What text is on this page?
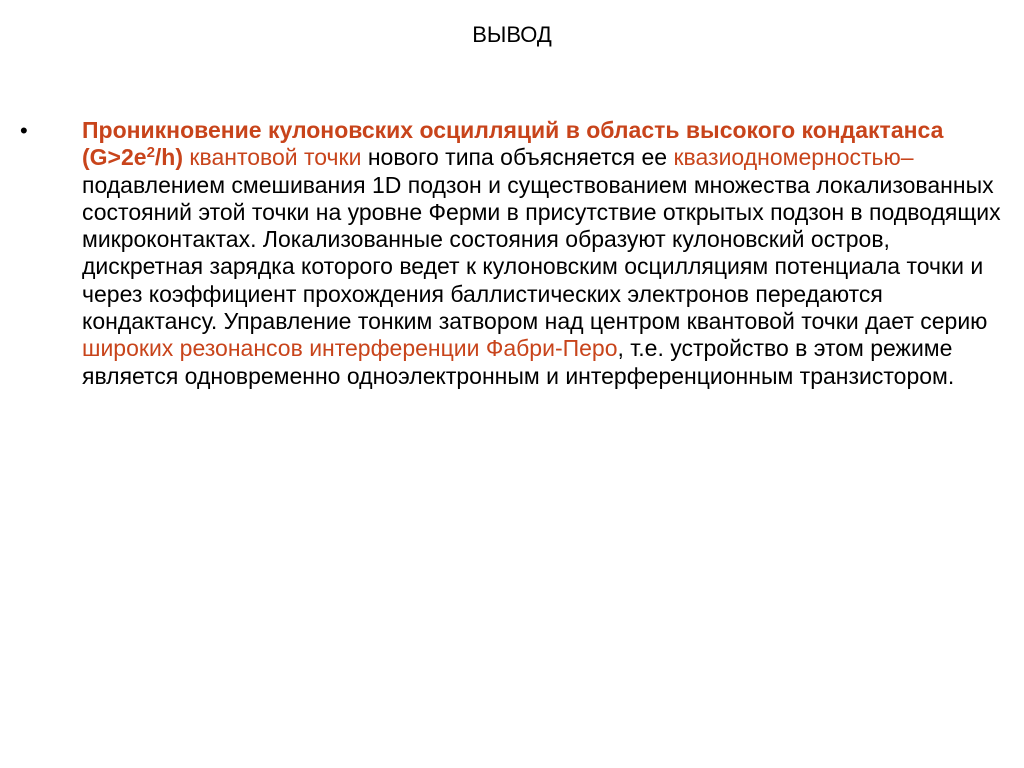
ВЫВОД
• Проникновение кулоновских осцилляций в область высокого кондактанса $(G>2e^2/h)$ квантовой точки нового типа объясняется ее квазиодномерностью– подавлением смешивания 1D подзон и существованием множества локализованных состояний этой точки на уровне Ферми в присутствие открытых подзон в подводящих микроконтактах. Локализованные состояния образуют кулоновский остров, дискретная зарядка которого ведет к кулоновским осцилляциям потенциала точки и через коэффициент прохождения баллистических электронов передаются кондактансу. Управление тонким затвором над центром квантовой точки дает серию широких резонансов интерференции Фабри-Перо, т.е. устройство в этом режиме является одновременно одноэлектронным и интерференционным транзистором.
